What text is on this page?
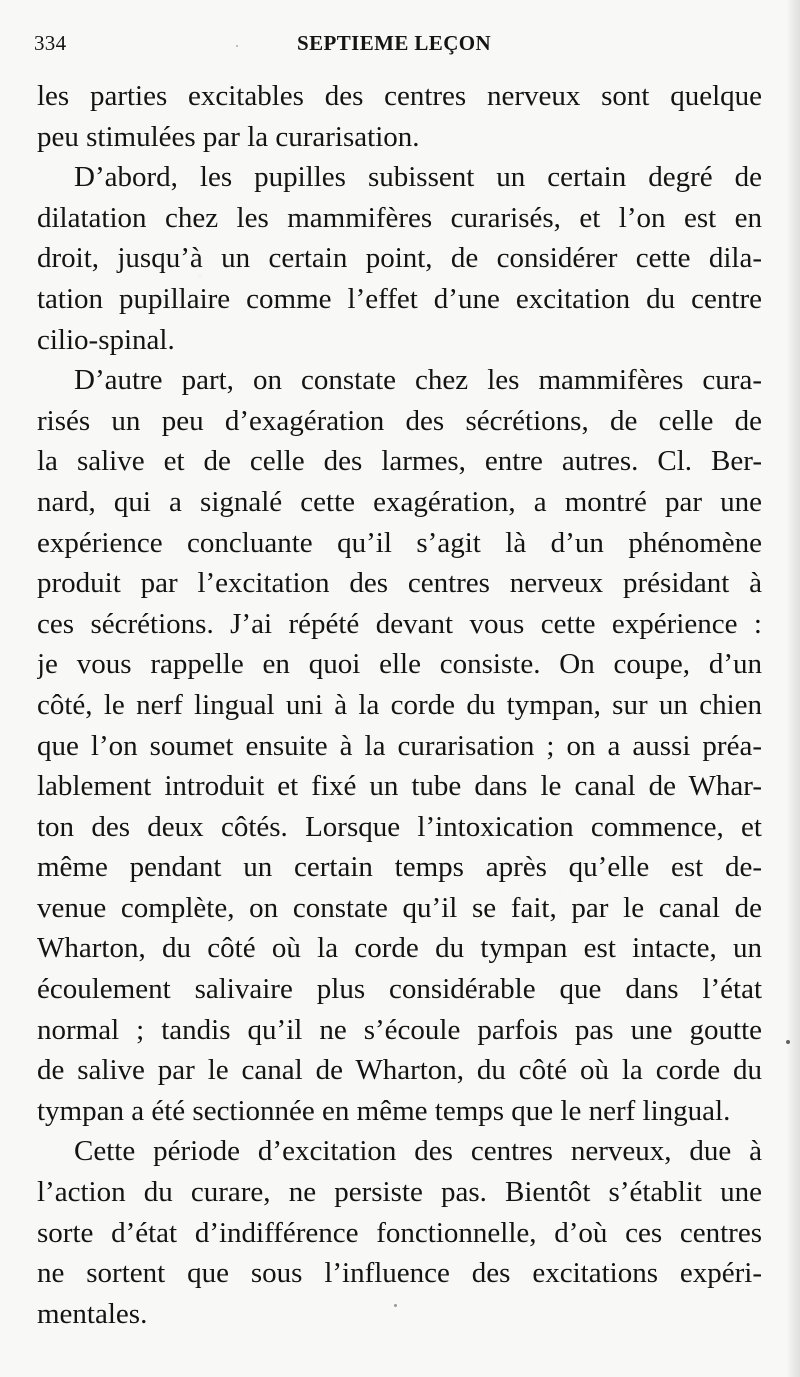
334	SEPTIEME LEÇON
les parties excitables des centres nerveux sont quelque
peu stimulées par la curarisation.
D’abord, les pupilles subissent un certain degré de
dilatation chez les mammifères curarisés, et l’on est en
droit, jusqu’à un certain point, de considérer cette dila-
tation pupillaire comme l’effet d’une excitation du centre
cilio-spinal.
D’autre part, on constate chez les mammifères cura-
risés un peu d’exagération des sécrétions, de celle de
la salive et de celle des larmes, entre autres. Cl. Ber-
nard, qui a signalé cette exagération, a montré par une
expérience concluante qu’il s’agit là d’un phénomène
produit par l’excitation des centres nerveux présidant à
ces sécrétions. J’ai répété devant vous cette expérience :
je vous rappelle en quoi elle consiste. On coupe, d’un
côté, le nerf lingual uni à la corde du tympan, sur un chien
que l’on soumet ensuite à la curarisation ; on a aussi préa-
lablement introduit et fixé un tube dans le canal de Whar-
ton des deux côtés. Lorsque l’intoxication commence, et
même pendant un certain temps après qu’elle est de-
venue complète, on constate qu’il se fait, par le canal de
Wharton, du côté où la corde du tympan est intacte, un
écoulement salivaire plus considérable que dans l’état
normal ; tandis qu’il ne s’écoule parfois pas une goutte
de salive par le canal de Wharton, du côté où la corde du
tympan a été sectionnée en même temps que le nerf lingual.
Cette période d’excitation des centres nerveux, due à
l’action du curare, ne persiste pas. Bientôt s’établit une
sorte d’état d’indifférence fonctionnelle, d’où ces centres
ne sortent que sous l’influence des excitations expéri-
mentales.
